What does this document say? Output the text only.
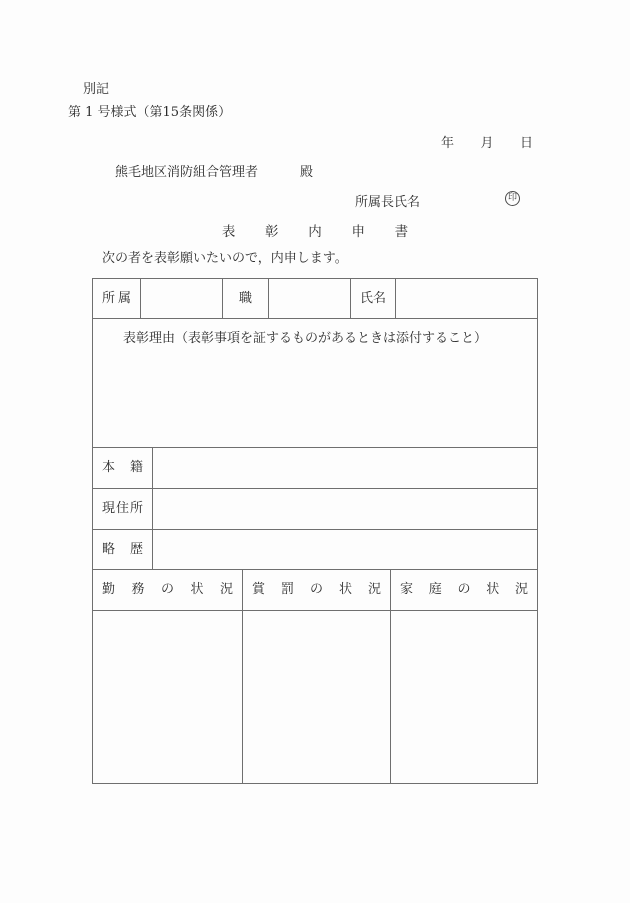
別記
第 1 号様式（第15条関係）
年 月 日
熊毛地区消防組合管理者	殿
所属長氏名	印
表彰内申書
次の者を表彰願いたいので，内申します。
所属	職	氏名
表彰理由（表彰事項を証するものがあるときは添付すること）
本籍
現住所
略歴
勤務の状況	賞罰の状況	家庭の状況
